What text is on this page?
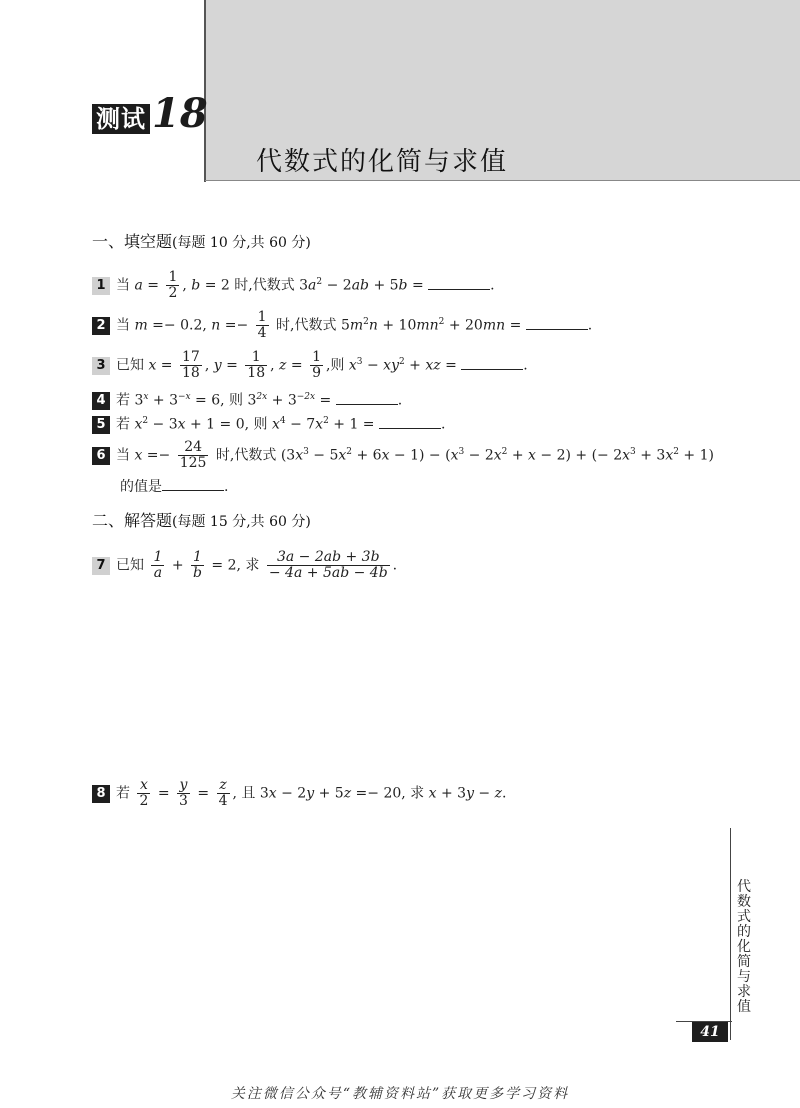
测试 18
代数式的化简与求值
一、填空题(每题 10 分,共 60 分)
1 当 $a = \frac{1}{2}$ , b = 2 时,代数式 $3a^2 - 2ab + 5b$ =	.
2 当 m =− 0.2, $n =- \frac{1}{4}$ 时,代数式 $5m^2n + 10mn^2 + 20mn$ =	.
3 已知 $x = \frac{17}{18}$ , $y = \frac{1}{18}$ , $z = \frac{1}{9}$ ,则 $x^3 - xy^2$ + xz =	.
4 若 $3^x + 3^{-x} = 6$, 则 $3^{2x} + 3^{-2x}$ =	.
5 若 $x^2 - 3x + 1 = 0$, 则 $x^4 - 7x^2 + 1$ =	.
6 当 $x =- \frac{24}{125}$ 时,代数式 $(3x^3 - 5x^2 + 6x - 1) - (x^3 - 2x^2 + x - 2)$ + (− $2x^3 + 3x^2 + 1$)
的值是	.
二、解答题(每题 15 分,共 60 分)
7 已知 $\frac{1}{a} + \frac{1}{b} = 2$, 求 $\frac{3a - 2ab + 3b}{- 4a + 5ab - 4b}$ .
8 若 $\frac{x}{2} = \frac{y}{3} = \frac{z}{4}$ , 且 3x − 2y + 5z =− 20, 求 x + 3y − z.
代数式的化简与求值
41
关注微信公众号“教辅资料站”获取更多学习资料
